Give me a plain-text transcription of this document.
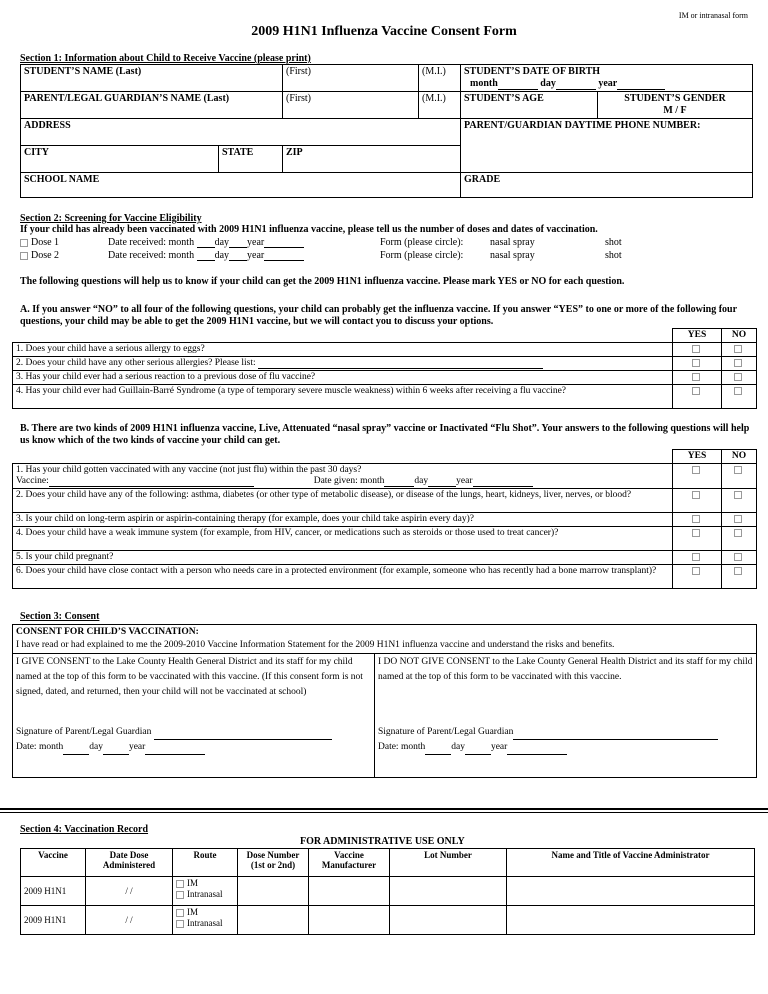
IM or intranasal form
2009 H1N1 Influenza Vaccine Consent Form
Section 1: Information about Child to Receive Vaccine (please print)
STUDENT’S NAME (Last)	(First)	(M.I.)	STUDENT’S DATE OF BIRTH
month day year	

PARENT/LEGAL GUARDIAN’S NAME (Last)	(First)	(M.I.)	STUDENT’S AGE	STUDENT’S GENDER
M / F

ADDRESS			PARENT/GUARDIAN DAYTIME PHONE NUMBER:	

CITY STATE	ZIP			
SCHOOL NAME			GRADE	
Section 2: Screening for Vaccine Eligibility
If your child has already been vaccinated with 2009 H1N1 influenza vaccine, please tell us the number of doses and dates of vaccination.
Dose 1	Date received: month day year	Form (please circle):	nasal spray	shot
Dose 2	Date received: month day year	Form (please circle):	nasal spray	shot
The following questions will help us to know if your child can get the 2009 H1N1 influenza vaccine. Please mark YES or NO for each question.
A. If you answer “NO” to all four of the following questions, your child can probably get the influenza vaccine. If you answer “YES” to one or more of the following four questions, your child may be able to get the 2009 H1N1 vaccine, but we will contact you to discuss your options.
	YES	NO
1. Does your child have a serious allergy to eggs?		
2. Does your child have any other serious allergies? Please list:		
3. Has your child ever had a serious reaction to a previous dose of flu vaccine?		
4. Has your child ever had Guillain-Barré Syndrome (a type of temporary severe muscle weakness) within 6 weeks after receiving a flu vaccine?		
B. There are two kinds of 2009 H1N1 influenza vaccine, Live, Attenuated “nasal spray” vaccine or Inactivated “Flu Shot”. Your answers to the following questions will help us know which of the two kinds of vaccine your child can get.
	YES	NO

1. Has your child gotten vaccinated with any vaccine (not just flu) within the past 30 days?
Vaccine: Date given: month day year		

2. Does your child have any of the following: asthma, diabetes (or other type of metabolic disease), or disease of the lungs, heart, kidneys, liver, nerves, or blood?		
3. Is your child on long-term aspirin or aspirin-containing therapy (for example, does your child take aspirin every day)?		
4. Does your child have a weak immune system (for example, from HIV, cancer, or medications such as steroids or those used to treat cancer)?		
5. Is your child pregnant?		
6. Does your child have close contact with a person who needs care in a protected environment (for example, someone who has recently had a bone marrow transplant)?		
Section 3: Consent
CONSENT FOR CHILD’S VACCINATION:
I have read or had explained to me the 2009-2010 Vaccine Information Statement for the 2009 H1N1 influenza vaccine and understand the risks and benefits.

I GIVE CONSENT to the Lake County Health General District and its staff for my child named at the top of this form to be vaccinated with this vaccine. (If this consent form is not signed, dated, and returned, then your child will not be vaccinated at school)
Signature of Parent/Legal Guardian
Date: month	day	year

I DO NOT GIVE CONSENT to the Lake County General Health District and its staff for my child named at the top of this form to be vaccinated with this vaccine.
Signature of Parent/Legal Guardian
Date: month	day	year
Section 4: Vaccination Record
FOR ADMINISTRATIVE USE ONLY
Vaccine	Date Dose Administered	Route	Dose Number (1st or 2nd)	Vaccine Manufacturer	Lot Number	Name and Title of Vaccine Administrator
2009 H1N1	/ /	IM
Intranasal				

2009 H1N1	/ /	IM
Intranasal				
